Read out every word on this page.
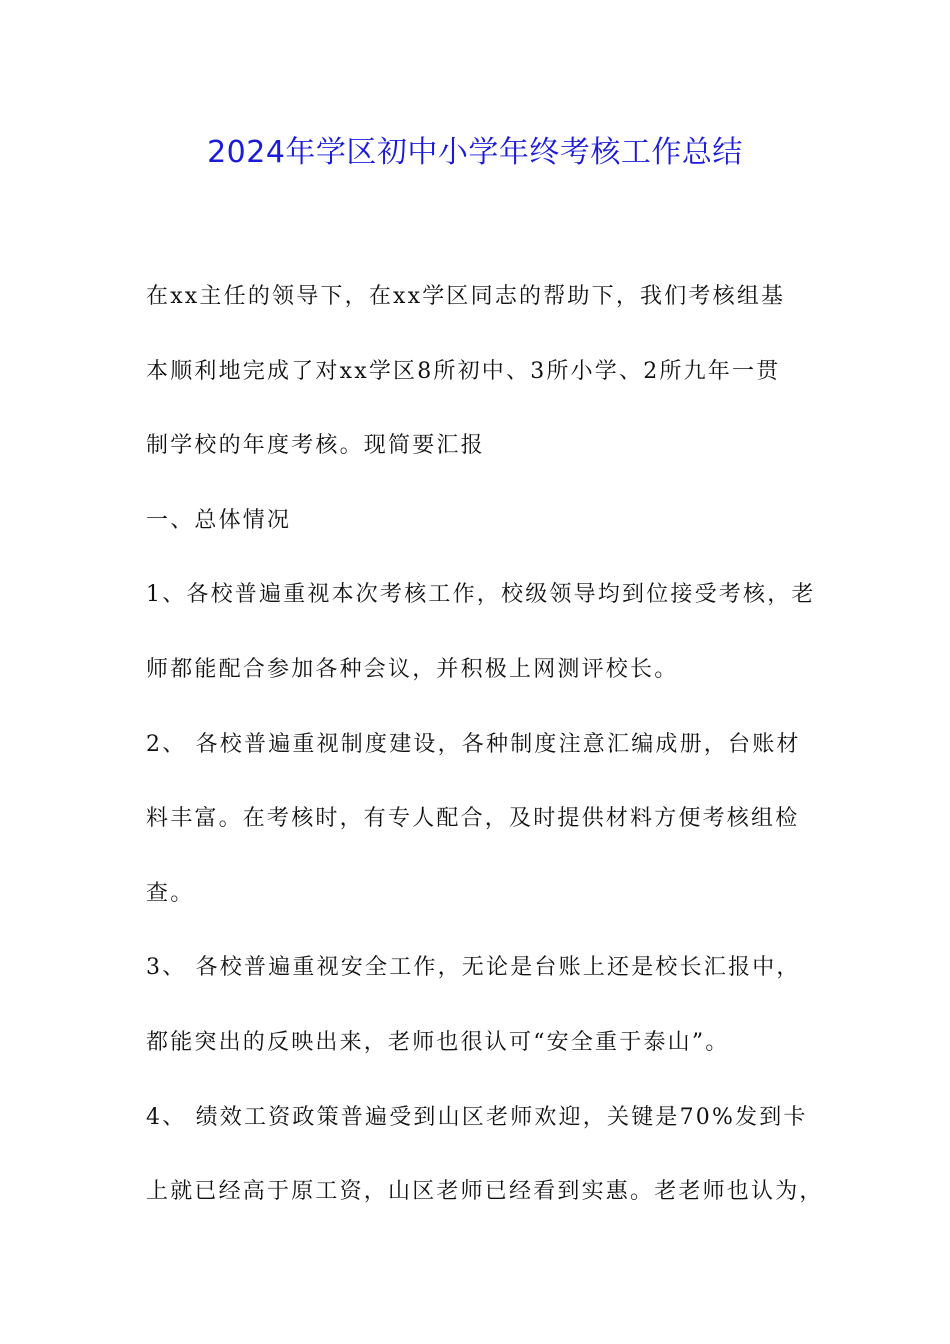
2024年学区初中小学年终考核工作总结
在xx主任的领导下，在xx学区同志的帮助下，我们考核组基
本顺利地完成了对xx学区8所初中、3所小学、2所九年一贯
制学校的年度考核。现简要汇报
一、总体情况
1、各校普遍重视本次考核工作，校级领导均到位接受考核，老
师都能配合参加各种会议，并积极上网测评校长。
2、 各校普遍重视制度建设，各种制度注意汇编成册，台账材
料丰富。在考核时，有专人配合，及时提供材料方便考核组检
查。
3、 各校普遍重视安全工作，无论是台账上还是校长汇报中，
都能突出的反映出来，老师也很认可“安全重于泰山”。
4、 绩效工资政策普遍受到山区老师欢迎，关键是70%发到卡
上就已经高于原工资，山区老师已经看到实惠。老老师也认为，
